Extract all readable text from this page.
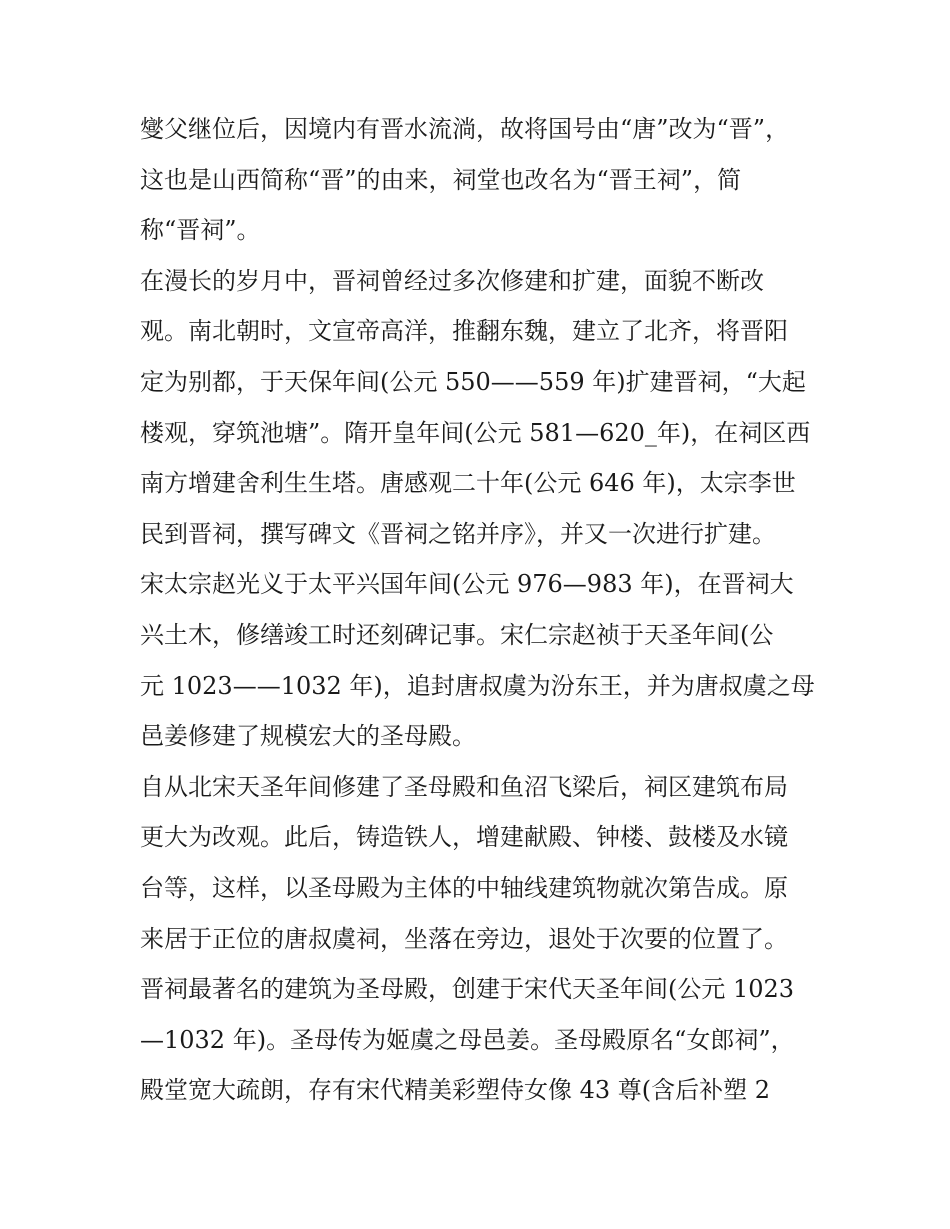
燮父继位后，因境内有晋水流淌，故将国号由“唐”改为“晋”，
这也是山西简称“晋”的由来，祠堂也改名为“晋王祠”，简
称“晋祠”。
在漫长的岁月中，晋祠曾经过多次修建和扩建，面貌不断改
观。南北朝时，文宣帝高洋，推翻东魏，建立了北齐，将晋阳
定为别都，于天保年间(公元 550——559 年)扩建晋祠，“大起
楼观，穿筑池塘”。隋开皇年间(公元 581—620_年)，在祠区西
南方增建舍利生生塔。唐感观二十年(公元 646 年)，太宗李世
民到晋祠，撰写碑文《晋祠之铭并序》，并又一次进行扩建。
宋太宗赵光义于太平兴国年间(公元 976—983 年)，在晋祠大
兴土木，修缮竣工时还刻碑记事。宋仁宗赵祯于天圣年间(公
元 1023——1032 年)，追封唐叔虞为汾东王，并为唐叔虞之母
邑姜修建了规模宏大的圣母殿。
自从北宋天圣年间修建了圣母殿和鱼沼飞梁后，祠区建筑布局
更大为改观。此后，铸造铁人，增建献殿、钟楼、鼓楼及水镜
台等，这样，以圣母殿为主体的中轴线建筑物就次第告成。原
来居于正位的唐叔虞祠，坐落在旁边，退处于次要的位置了。
晋祠最著名的建筑为圣母殿，创建于宋代天圣年间(公元 1023
—1032 年)。圣母传为姬虞之母邑姜。圣母殿原名“女郎祠”，
殿堂宽大疏朗，存有宋代精美彩塑侍女像 43 尊(含后补塑 2
